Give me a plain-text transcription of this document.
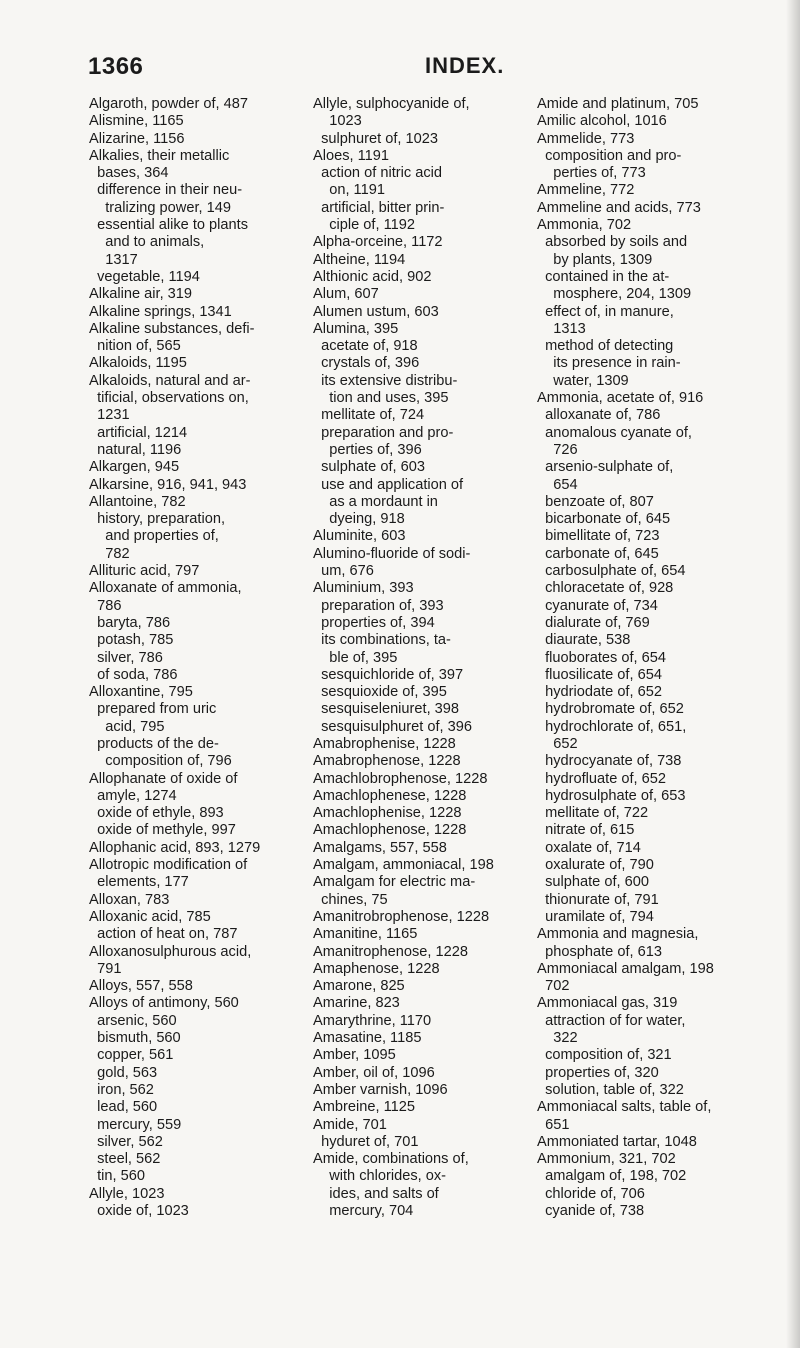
1366	INDEX.
Algaroth, powder of, 487
Alismine, 1165
Alizarine, 1156
Alkalies, their metallic
bases, 364
difference in their neu-
tralizing power, 149
essential alike to plants
and to animals,
1317
vegetable, 1194
Alkaline air, 319
Alkaline springs, 1341
Alkaline substances, defi-
nition of, 565
Alkaloids, 1195
Alkaloids, natural and ar-
tificial, observations on,
1231
artificial, 1214
natural, 1196
Alkargen, 945
Alkarsine, 916, 941, 943
Allantoine, 782
history, preparation,
and properties of,
782
Allituric acid, 797
Alloxanate of ammonia,
786
baryta, 786
potash, 785
silver, 786
of soda, 786
Alloxantine, 795
prepared from uric
acid, 795
products of the de-
composition of, 796
Allophanate of oxide of
amyle, 1274
oxide of ethyle, 893
oxide of methyle, 997
Allophanic acid, 893, 1279
Allotropic modification of
elements, 177
Alloxan, 783
Alloxanic acid, 785
action of heat on, 787
Alloxanosulphurous acid,
791
Alloys, 557, 558
Alloys of antimony, 560
arsenic, 560
bismuth, 560
copper, 561
gold, 563
iron, 562
lead, 560
mercury, 559
silver, 562
steel, 562
tin, 560
Allyle, 1023
oxide of, 1023
Allyle, sulphocyanide of,
1023
sulphuret of, 1023
Aloes, 1191
action of nitric acid
on, 1191
artificial, bitter prin-
ciple of, 1192
Alpha-orceine, 1172
Altheine, 1194
Althionic acid, 902
Alum, 607
Alumen ustum, 603
Alumina, 395
acetate of, 918
crystals of, 396
its extensive distribu-
tion and uses, 395
mellitate of, 724
preparation and pro-
perties of, 396
sulphate of, 603
use and application of
as a mordaunt in
dyeing, 918
Aluminite, 603
Alumino-fluoride of sodi-
um, 676
Aluminium, 393
preparation of, 393
properties of, 394
its combinations, ta-
ble of, 395
sesquichloride of, 397
sesquioxide of, 395
sesquiseleniuret, 398
sesquisulphuret of, 396
Amabrophenise, 1228
Amabrophenose, 1228
Amachlobrophenose, 1228
Amachlophenese, 1228
Amachlophenise, 1228
Amachlophenose, 1228
Amalgams, 557, 558
Amalgam, ammoniacal, 198
Amalgam for electric ma-
chines, 75
Amanitrobrophenose, 1228
Amanitine, 1165
Amanitrophenose, 1228
Amaphenose, 1228
Amarone, 825
Amarine, 823
Amarythrine, 1170
Amasatine, 1185
Amber, 1095
Amber, oil of, 1096
Amber varnish, 1096
Ambreine, 1125
Amide, 701
hyduret of, 701
Amide, combinations of,
with chlorides, ox-
ides, and salts of
mercury, 704
Amide and platinum, 705
Amilic alcohol, 1016
Ammelide, 773
composition and pro-
perties of, 773
Ammeline, 772
Ammeline and acids, 773
Ammonia, 702
absorbed by soils and
by plants, 1309
contained in the at-
mosphere, 204, 1309
effect of, in manure,
1313
method of detecting
its presence in rain-
water, 1309
Ammonia, acetate of, 916
alloxanate of, 786
anomalous cyanate of,
726
arsenio-sulphate of,
654
benzoate of, 807
bicarbonate of, 645
bimellitate of, 723
carbonate of, 645
carbosulphate of, 654
chloracetate of, 928
cyanurate of, 734
dialurate of, 769
diaurate, 538
fluoborates of, 654
fluosilicate of, 654
hydriodate of, 652
hydrobromate of, 652
hydrochlorate of, 651,
652
hydrocyanate of, 738
hydrofluate of, 652
hydrosulphate of, 653
mellitate of, 722
nitrate of, 615
oxalate of, 714
oxalurate of, 790
sulphate of, 600
thionurate of, 791
uramilate of, 794
Ammonia and magnesia,
phosphate of, 613
Ammoniacal amalgam, 198
702
Ammoniacal gas, 319
attraction of for water,
322
composition of, 321
properties of, 320
solution, table of, 322
Ammoniacal salts, table of,
651
Ammoniated tartar, 1048
Ammonium, 321, 702
amalgam of, 198, 702
chloride of, 706
cyanide of, 738
